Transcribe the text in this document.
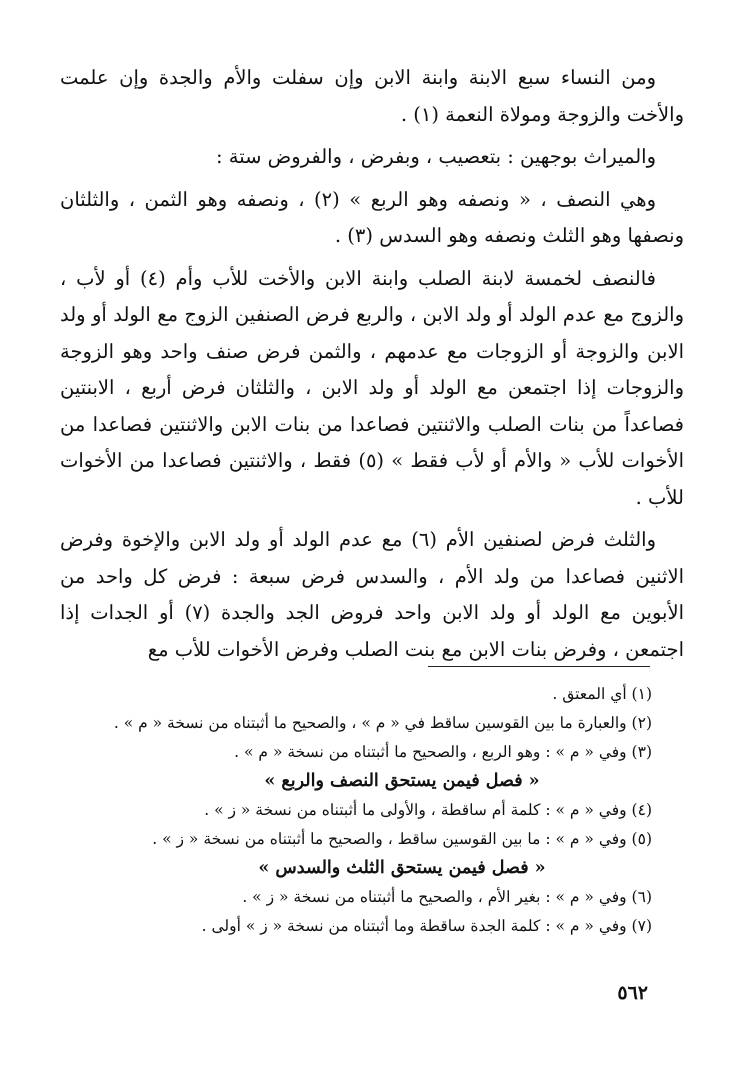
ومن النساء سبع الابنة وابنة الابن وإن سفلت والأم والجدة وإن علمت والأخت والزوجة ومولاة النعمة (١) .

والميراث بوجهين : بتعصيب ، وبفرض ، والفروض ستة :

وهي النصف ، « ونصفه وهو الربع » (٢) ، ونصفه وهو الثمن ، والثلثان ونصفها وهو الثلث ونصفه وهو السدس (٣) .

فالنصف لخمسة لابنة الصلب وابنة الابن والأخت للأب وأم (٤) أو لأب ، والزوج مع عدم الولد أو ولد الابن ، والربع فرض الصنفين الزوج مع الولد أو ولد الابن والزوجة أو الزوجات مع عدمهم ، والثمن فرض صنف واحد وهو الزوجة والزوجات إذا اجتمعن مع الولد أو ولد الابن ، والثلثان فرض أربع ، الابنتين فصاعداً من بنات الصلب والاثنتين فصاعدا من بنات الابن والاثنتين فصاعدا من الأخوات للأب « والأم أو لأب فقط » (٥) فقط ، والاثنتين فصاعدا من الأخوات للأب .

والثلث فرض لصنفين الأم (٦) مع عدم الولد أو ولد الابن والإخوة وفرض الاثنين فصاعدا من ولد الأم ، والسدس فرض سبعة : فرض كل واحد من الأبوين مع الولد أو ولد الابن واحد فروض الجد والجدة (٧) أو الجدات إذا اجتمعن ، وفرض بنات الابن مع بنت الصلب وفرض الأخوات للأب مع

(١) أي المعتق .
(٢) والعبارة ما بين القوسين ساقط في « م » ، والصحيح ما أثبتناه من نسخة « م » .
(٣) وفي « م » : وهو الربع ، والصحيح ما أثبتناه من نسخة « م » .
« فصل فيمن يستحق النصف والربع »
(٤) وفي « م » : كلمة أم ساقطة ، والأولى ما أثبتناه من نسخة « ز » .
(٥) وفي « م » : ما بين القوسين ساقط ، والصحيح ما أثبتناه من نسخة « ز » .
« فصل فيمن يستحق الثلث والسدس »
(٦) وفي « م » : بغير الأم ، والصحيح ما أثبتناه من نسخة « ز » .
(٧) وفي « م » : كلمة الجدة ساقطة وما أثبتناه من نسخة « ز » أولى .
٥٦٢
